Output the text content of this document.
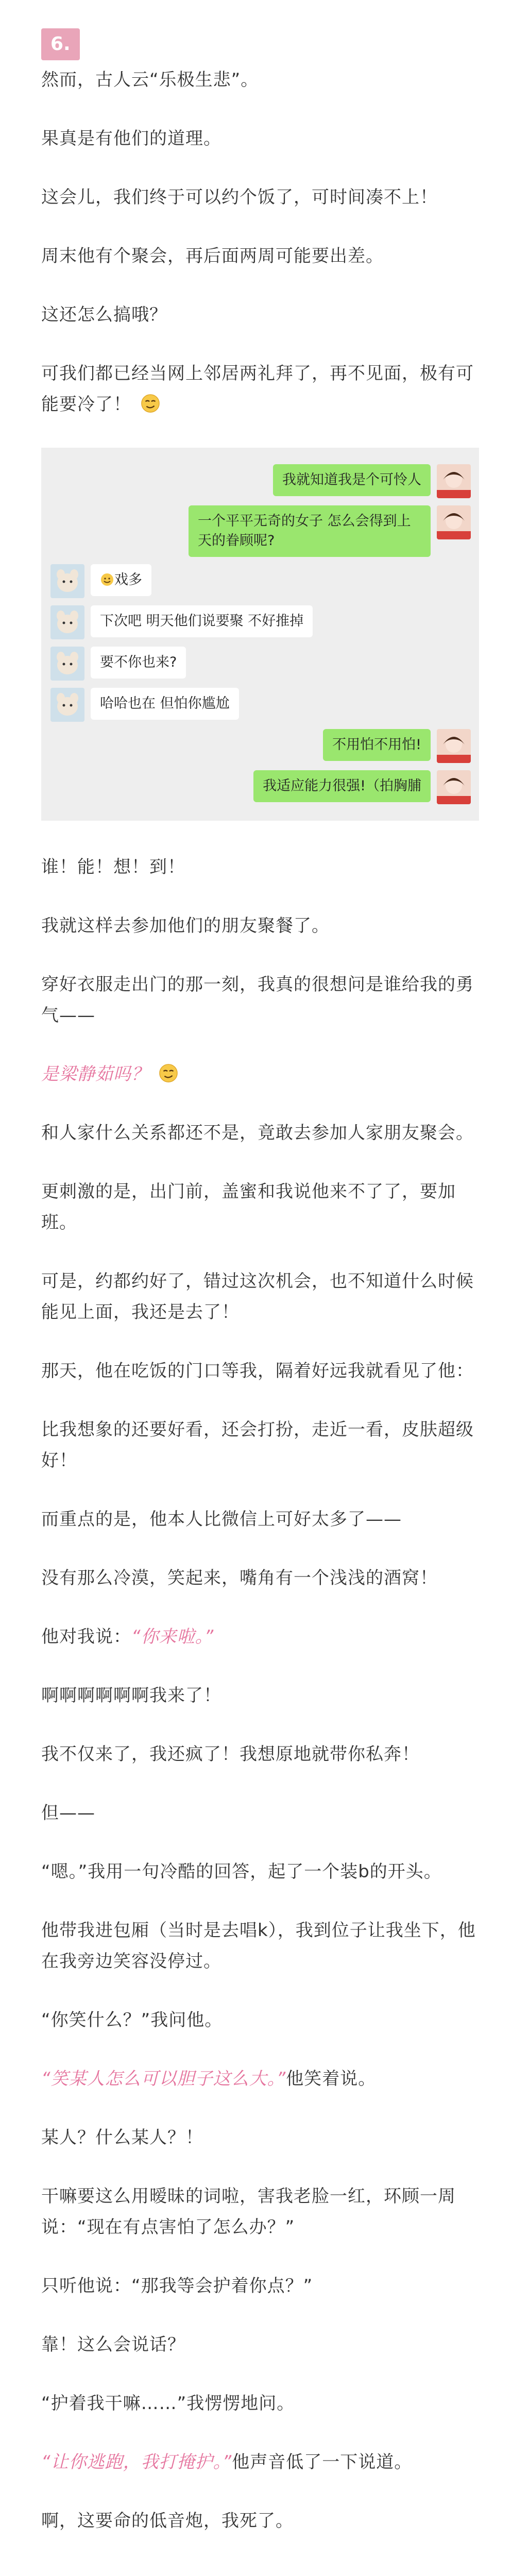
6.

然而，古人云“乐极生悲”。

果真是有他们的道理。

这会儿，我们终于可以约个饭了，可时间凑不上！

周末他有个聚会，再后面两周可能要出差。

这还怎么搞哦？

可我们都已经当网上邻居两礼拜了，再不见面，极有可能要冷了！

我就知道我是个可怜人
一个平平无奇的女子 怎么会得到上天的眷顾呢?
戏多
下次吧 明天他们说要聚 不好推掉
要不你也来?
哈哈也在 但怕你尴尬
不用怕不用怕!
我适应能力很强!（拍胸脯

谁！能！想！到！

我就这样去参加他们的朋友聚餐了。

穿好衣服走出门的那一刻，我真的很想问是谁给我的勇气——

是梁静茹吗？

和人家什么关系都还不是，竟敢去参加人家朋友聚会。

更刺激的是，出门前，盖蜜和我说他来不了了，要加班。

可是，约都约好了，错过这次机会，也不知道什么时候能见上面，我还是去了！

那天，他在吃饭的门口等我，隔着好远我就看见了他：

比我想象的还要好看，还会打扮，走近一看，皮肤超级好！

而重点的是，他本人比微信上可好太多了——

没有那么冷漠，笑起来，嘴角有一个浅浅的酒窝！

他对我说：“你来啦。”

啊啊啊啊啊啊我来了！

我不仅来了，我还疯了！我想原地就带你私奔！

但——

“嗯。”我用一句冷酷的回答，起了一个装b的开头。

他带我进包厢（当时是去唱k），我到位子让我坐下，他在我旁边笑容没停过。

“你笑什么？”我问他。

“笑某人怎么可以胆子这么大。”他笑着说。

某人？什么某人？！

干嘛要这么用暧昧的词啦，害我老脸一红，环顾一周说：“现在有点害怕了怎么办？”

只听他说：“那我等会护着你点？”

靠！这么会说话？

“护着我干嘛……”我愣愣地问。

“让你逃跑，我打掩护。”他声音低了一下说道。

啊，这要命的低音炮，我死了。
